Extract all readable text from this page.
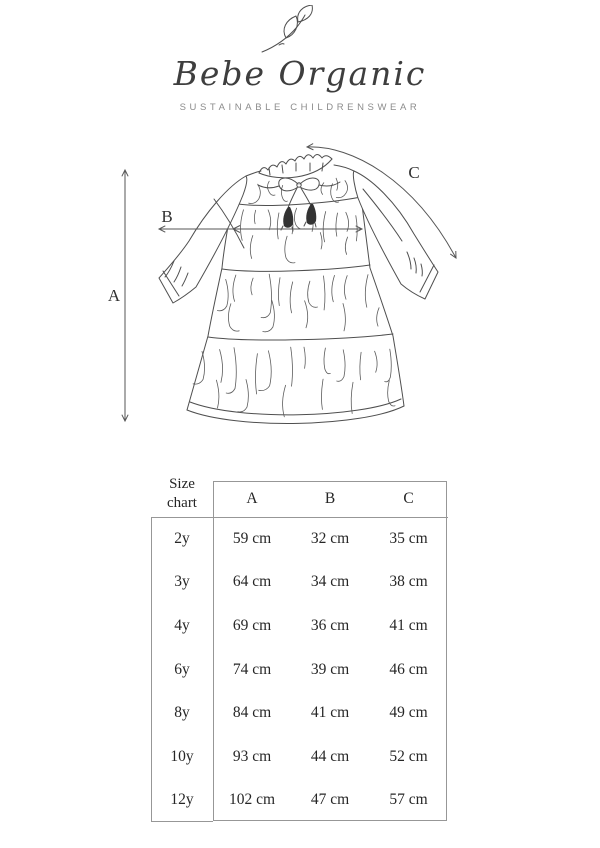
Bebe Organic
SUSTAINABLE CHILDRENSWEAR
A
B
C
Size chart	A	B	C
2y	59 cm	32 cm	35 cm
3y	64 cm	34 cm	38 cm
4y	69 cm	36 cm	41 cm
6y	74 cm	39 cm	46 cm
8y	84 cm	41 cm	49 cm
10y	93 cm	44 cm	52 cm
12y	102 cm	47 cm	57 cm
